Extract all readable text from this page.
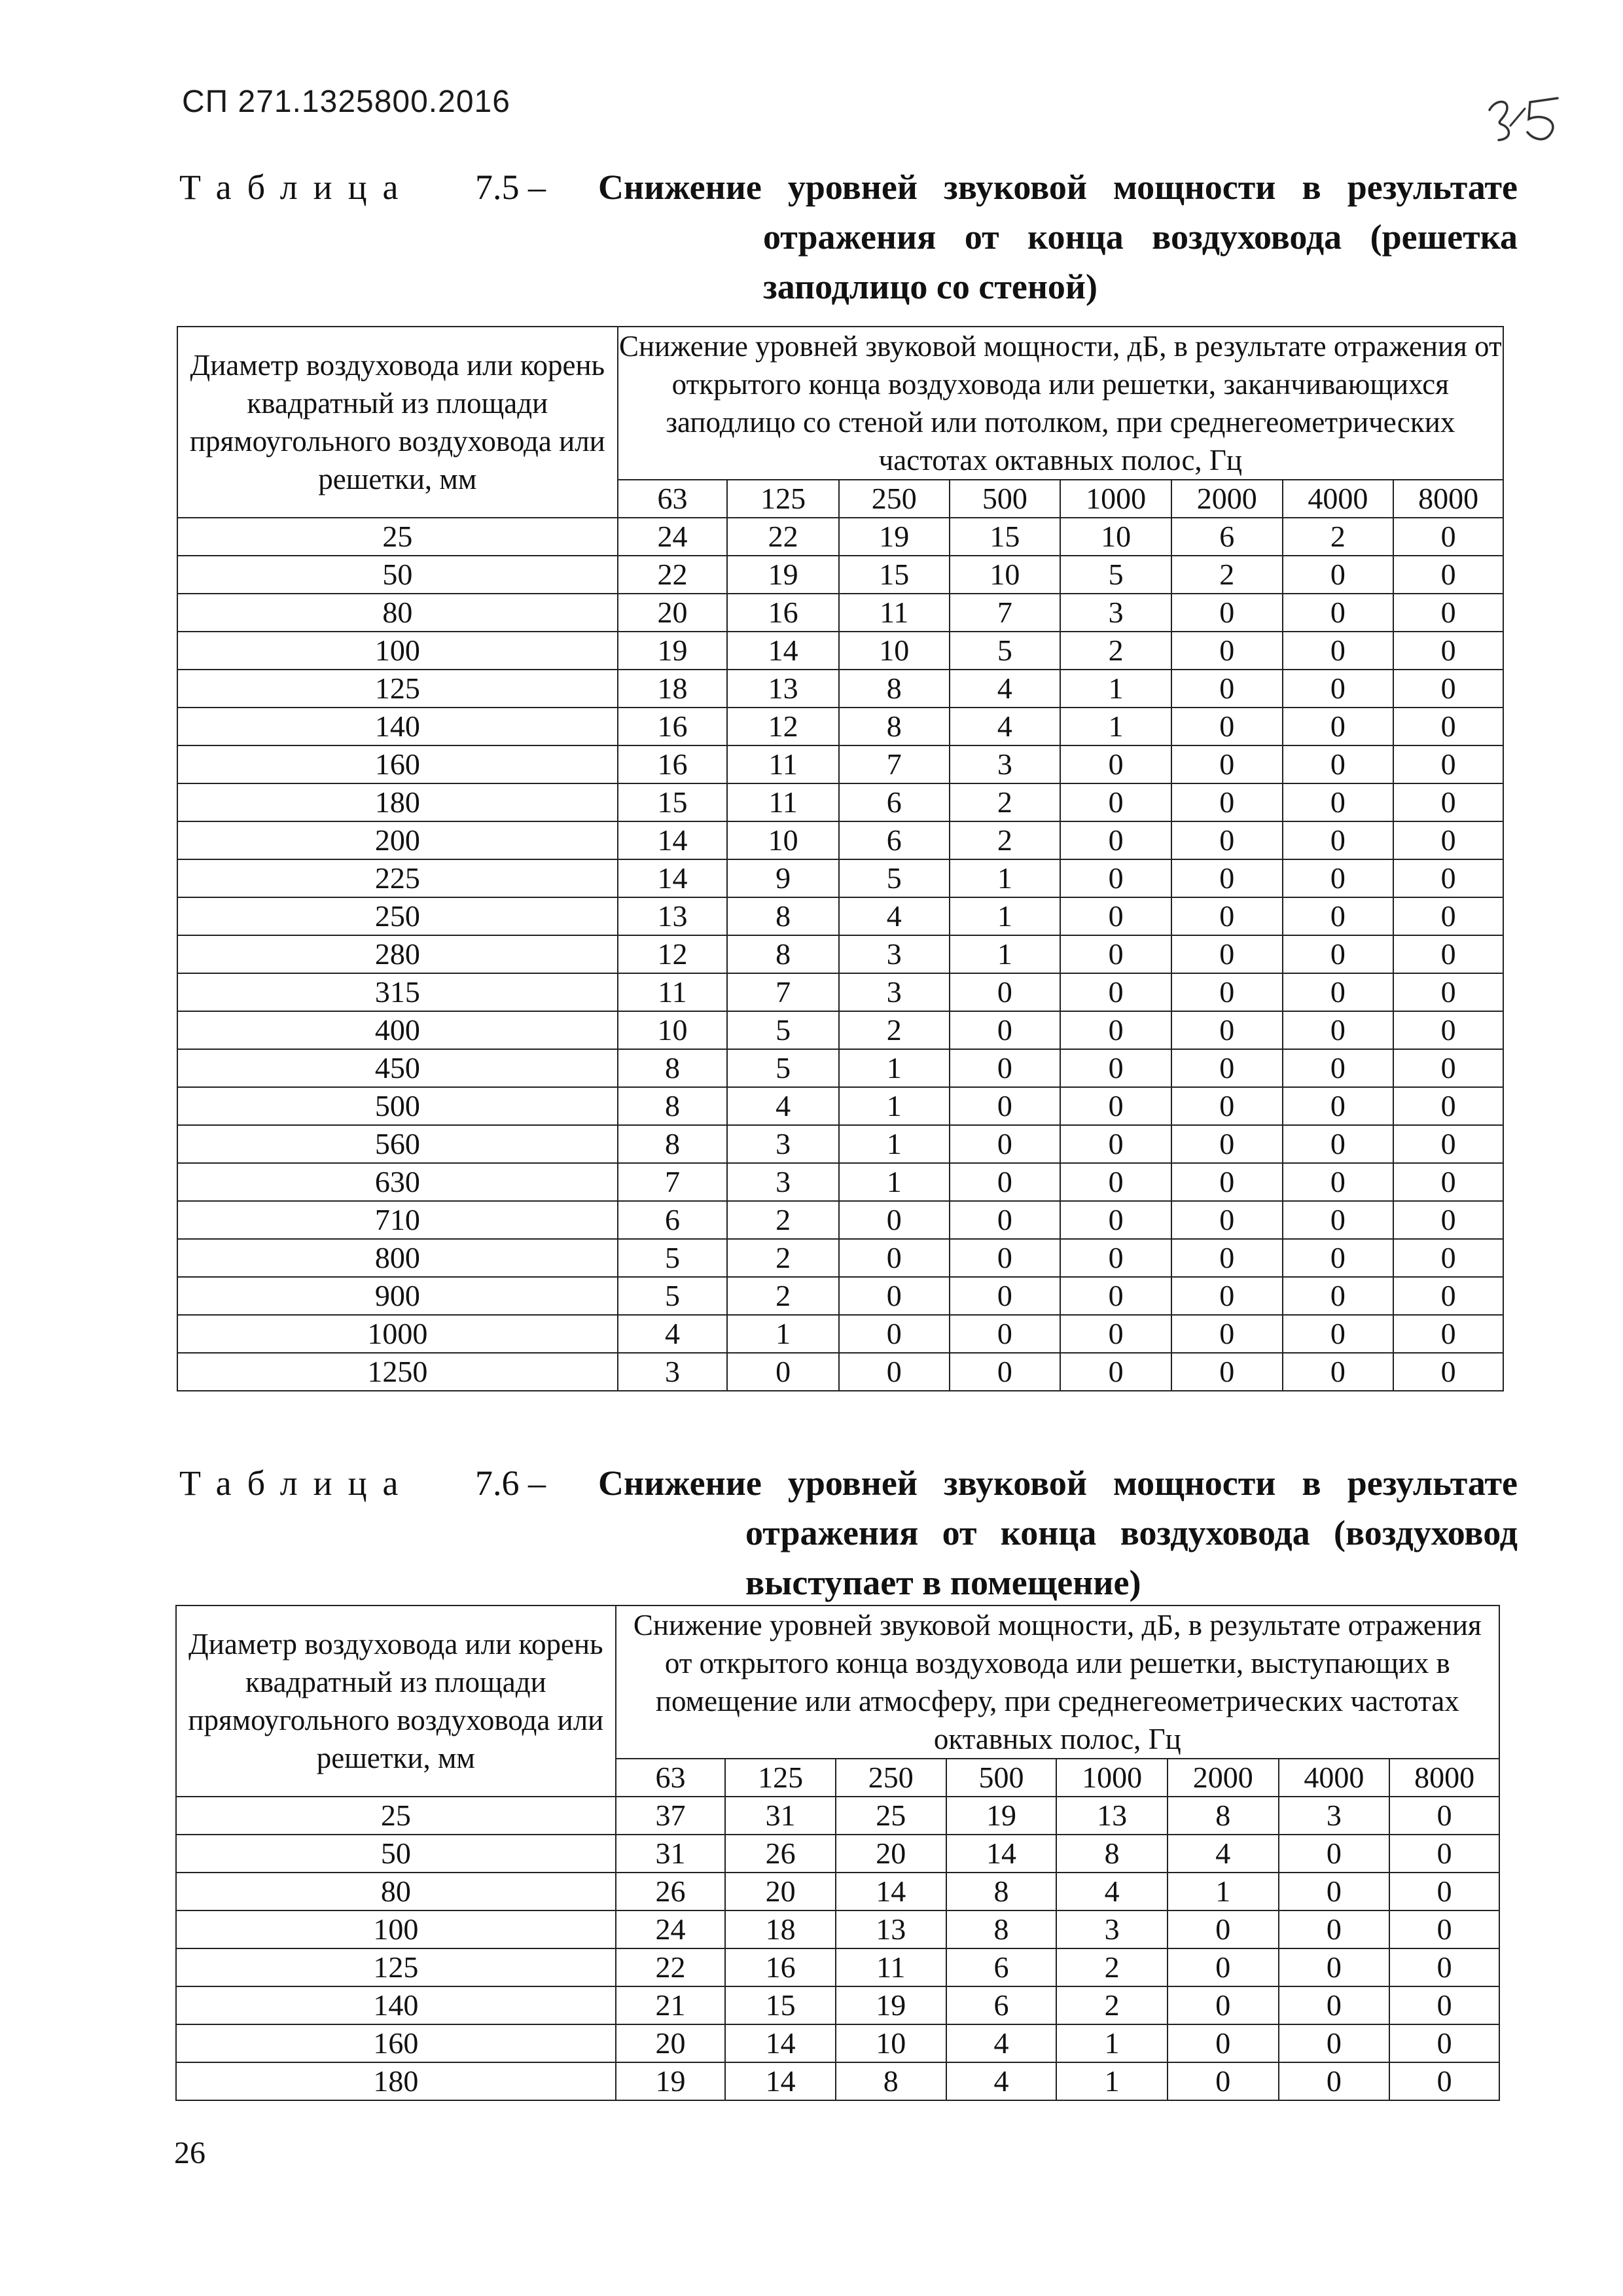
СП 271.1325800.2016
Таблица 7.5 – Снижение уровней звуковой мощности в результате отражения от конца воздуховода (решетка заподлицо со стеной)
Диаметр воздуховода или корень квадратный из площади прямоугольного воздуховода или решетки, мм	Снижение уровней звуковой мощности, дБ, в результате отражения от открытого конца воздуховода или решетки, заканчивающихся заподлицо со стеной или потолком, при среднегеометрических частотах октавных полос, Гц							
	63	125	250	500	1000	2000	4000	8000
25	24	22	19	15	10	6	2	0
50	22	19	15	10	5	2	0	0
80	20	16	11	7	3	0	0	0
100	19	14	10	5	2	0	0	0
125	18	13	8	4	1	0	0	0
140	16	12	8	4	1	0	0	0
160	16	11	7	3	0	0	0	0
180	15	11	6	2	0	0	0	0
200	14	10	6	2	0	0	0	0
225	14	9	5	1	0	0	0	0
250	13	8	4	1	0	0	0	0
280	12	8	3	1	0	0	0	0
315	11	7	3	0	0	0	0	0
400	10	5	2	0	0	0	0	0
450	8	5	1	0	0	0	0	0
500	8	4	1	0	0	0	0	0
560	8	3	1	0	0	0	0	0
630	7	3	1	0	0	0	0	0
710	6	2	0	0	0	0	0	0
800	5	2	0	0	0	0	0	0
900	5	2	0	0	0	0	0	0
1000	4	1	0	0	0	0	0	0
1250	3	0	0	0	0	0	0	0
Таблица 7.6 – Снижение уровней звуковой мощности в результате отражения от конца воздуховода (воздуховод выступает в помещение)
Диаметр воздуховода или корень квадратный из площади прямоугольного воздуховода или решетки, мм	Снижение уровней звуковой мощности, дБ, в результате отражения от открытого конца воздуховода или решетки, выступающих в помещение или атмосферу, при среднегеометрических частотах октавных полос, Гц							
	63	125	250	500	1000	2000	4000	8000
25	37	31	25	19	13	8	3	0
50	31	26	20	14	8	4	0	0
80	26	20	14	8	4	1	0	0
100	24	18	13	8	3	0	0	0
125	22	16	11	6	2	0	0	0
140	21	15	19	6	2	0	0	0
160	20	14	10	4	1	0	0	0
180	19	14	8	4	1	0	0	0
26
